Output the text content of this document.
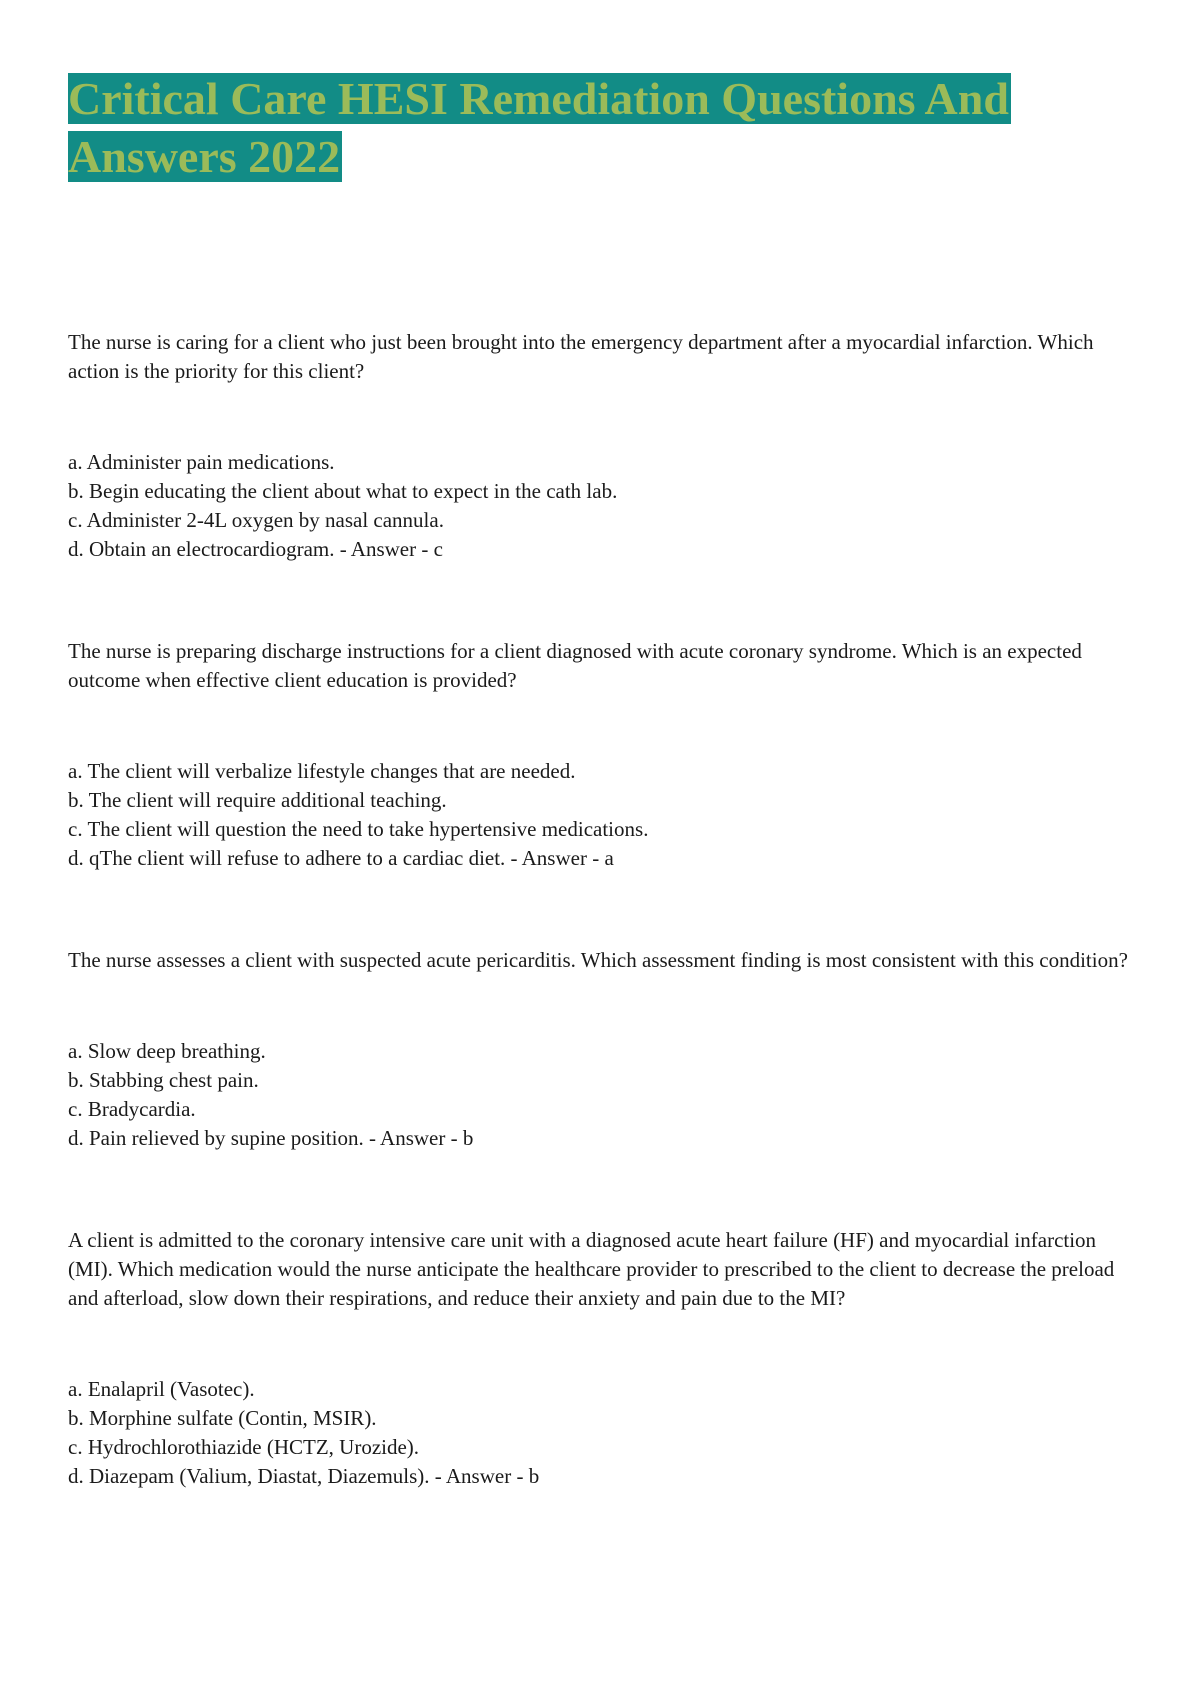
Critical Care HESI Remediation Questions And
Answers 2022

The nurse is caring for a client who just been brought into the emergency department after a myocardial infarction. Which action is the priority for this client?

a. Administer pain medications.
b. Begin educating the client about what to expect in the cath lab.
c. Administer 2-4L oxygen by nasal cannula.
d. Obtain an electrocardiogram. - Answer - c

The nurse is preparing discharge instructions for a client diagnosed with acute coronary syndrome. Which is an expected outcome when effective client education is provided?

a. The client will verbalize lifestyle changes that are needed.
b. The client will require additional teaching.
c. The client will question the need to take hypertensive medications.
d. qThe client will refuse to adhere to a cardiac diet. - Answer - a

The nurse assesses a client with suspected acute pericarditis. Which assessment finding is most consistent with this condition?

a. Slow deep breathing.
b. Stabbing chest pain.
c. Bradycardia.
d. Pain relieved by supine position. - Answer - b

A client is admitted to the coronary intensive care unit with a diagnosed acute heart failure (HF) and myocardial infarction (MI). Which medication would the nurse anticipate the healthcare provider to prescribed to the client to decrease the preload and afterload, slow down their respirations, and reduce their anxiety and pain due to the MI?

a. Enalapril (Vasotec).
b. Morphine sulfate (Contin, MSIR).
c. Hydrochlorothiazide (HCTZ, Urozide).
d. Diazepam (Valium, Diastat, Diazemuls). - Answer - b
